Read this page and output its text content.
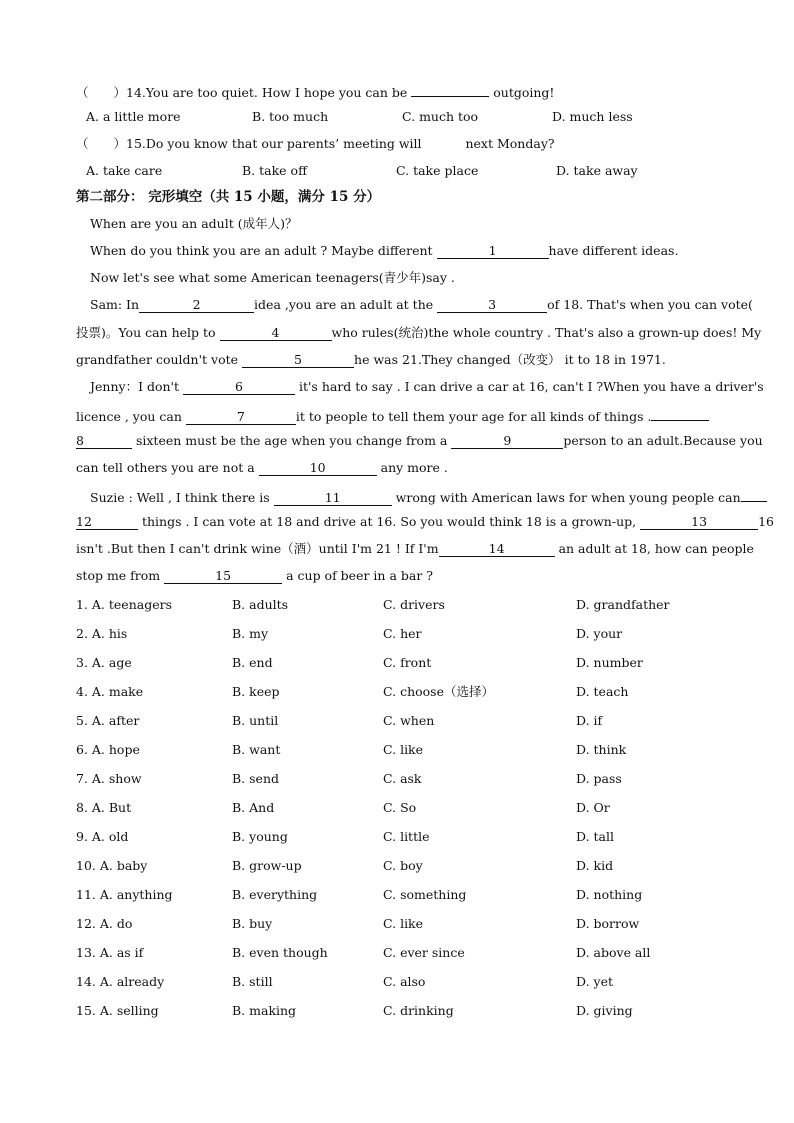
（　　）14.You are too quiet. How I hope you can be	outgoing!
A. a little more	B. too much	C. much too	D. much less
（　　）15.Do you know that our parents’ meeting will	next Monday?
A. take care	B. take off	C. take place	D. take away
第二部分： 完形填空（共 15 小题，满分 15 分）
When are you an adult (成年人)？
When do you think you are an adult ? Maybe different	1	have different ideas.
Now let's see what some American teenagers(青少年)say .
Sam: In	2	idea ,you are an adult at the	3	of 18. That's when you can vote(
投票)。You can help to	4	who rules(统治)the whole country . That's also a grown-up does! My
grandfather couldn't vote	5	he was 21.They changed（改变） it to 18 in 1971.
Jenny：I don't	6	it's hard to say . I can drive a car at 16, can't I ?When you have a driver's
licence , you can	7	it to people to tell them your age for all kinds of things .
8	sixteen must be the age when you change from a	9	person to an adult.Because you
can tell others you are not a	10	any more .
Suzie : Well , I think there is	11	wrong with American laws for when young people can
12	things . I can vote at 18 and drive at 16. So you would think 18 is a grown-up,	13	16
isn't .But then I can't drink wine（酒）until I'm 21 ! If I'm	14	an adult at 18, how can people
stop me from	15	a cup of beer in a bar ?
1. A. teenagers	B. adults	C. drivers	D. grandfather
2. A. his	B. my	C. her	D. your
3. A. age	B. end	C. front	D. number
4. A. make	B. keep	C. choose（选择）	D. teach
5. A. after	B. until	C. when	D. if
6. A. hope	B. want	C. like	D. think
7. A. show	B. send	C. ask	D. pass
8. A. But	B. And	C. So	D. Or
9. A. old	B. young	C. little	D. tall
10. A. baby	B. grow-up	C. boy	D. kid
11. A. anything	B. everything	C. something	D. nothing
12. A. do	B. buy	C. like	D. borrow
13. A. as if	B. even though	C. ever since	D. above all
14. A. already	B. still	C. also	D. yet
15. A. selling	B. making	C. drinking	D. giving
